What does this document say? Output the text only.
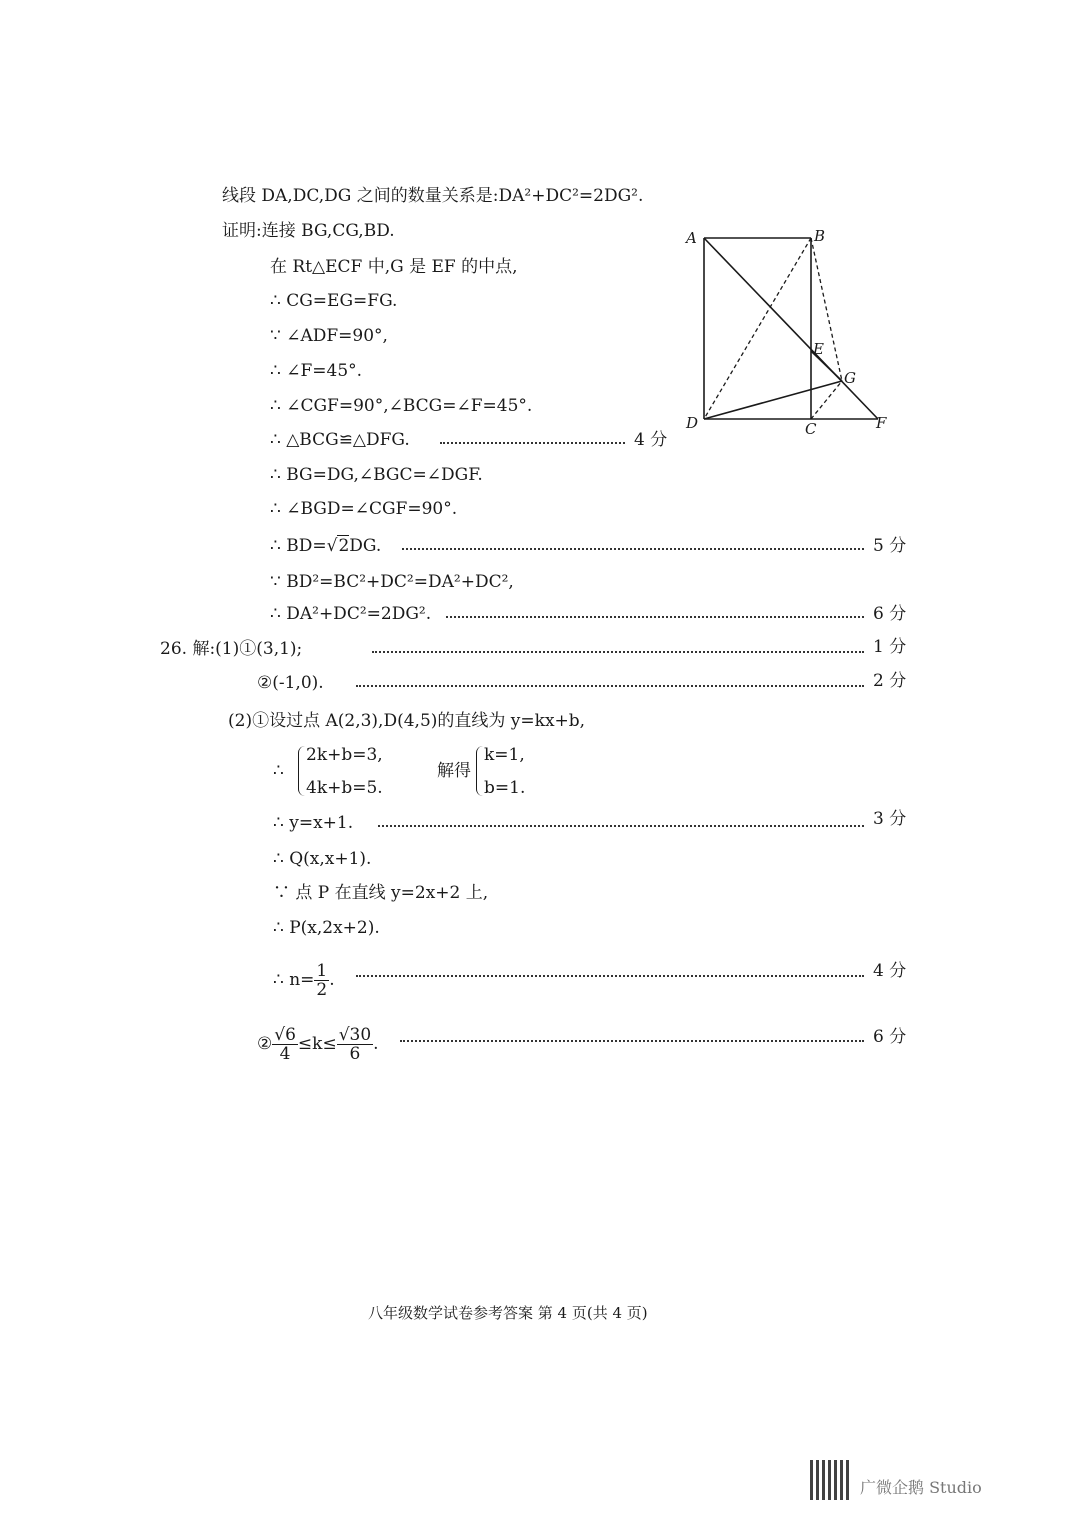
线段 DA,DC,DG 之间的数量关系是:DA²+DC²=2DG².
证明:连接 BG,CG,BD.
在 Rt△ECF 中,G 是 EF 的中点,
∴ CG=EG=FG.
∵ ∠ADF=90°,
∴ ∠F=45°.
∴ ∠CGF=90°,∠BCG=∠F=45°.
∴ △BCG≌△DFG.	4 分
∴ BG=DG,∠BGC=∠DGF.
∴ ∠BGD=∠CGF=90°.
∴ BD=√2DG.	5 分
∵ BD²=BC²+DC²=DA²+DC²,
∴ DA²+DC²=2DG².	6 分
A	B
E
G
D	C	F
26. 解:(1)①(3,1);	1 分
②(-1,0).	2 分
(2)①设过点 A(2,3),D(4,5)的直线为 y=kx+b,
∴
2k+b=3,
4k+b=5.
解得
k=1,
b=1.
∴ y=x+1.	3 分
∴ Q(x,x+1).
∵ 点 P 在直线 y=2x+2 上,
∴ P(x,2x+2).
∴ $n= \frac{1}{2}$ .	4 分
② $\frac{√6}{4} \le k\le \frac{√30}{6}$ .	6 分
八年级数学试卷参考答案 第 4 页(共 4 页)
广微企鹅 Studio
